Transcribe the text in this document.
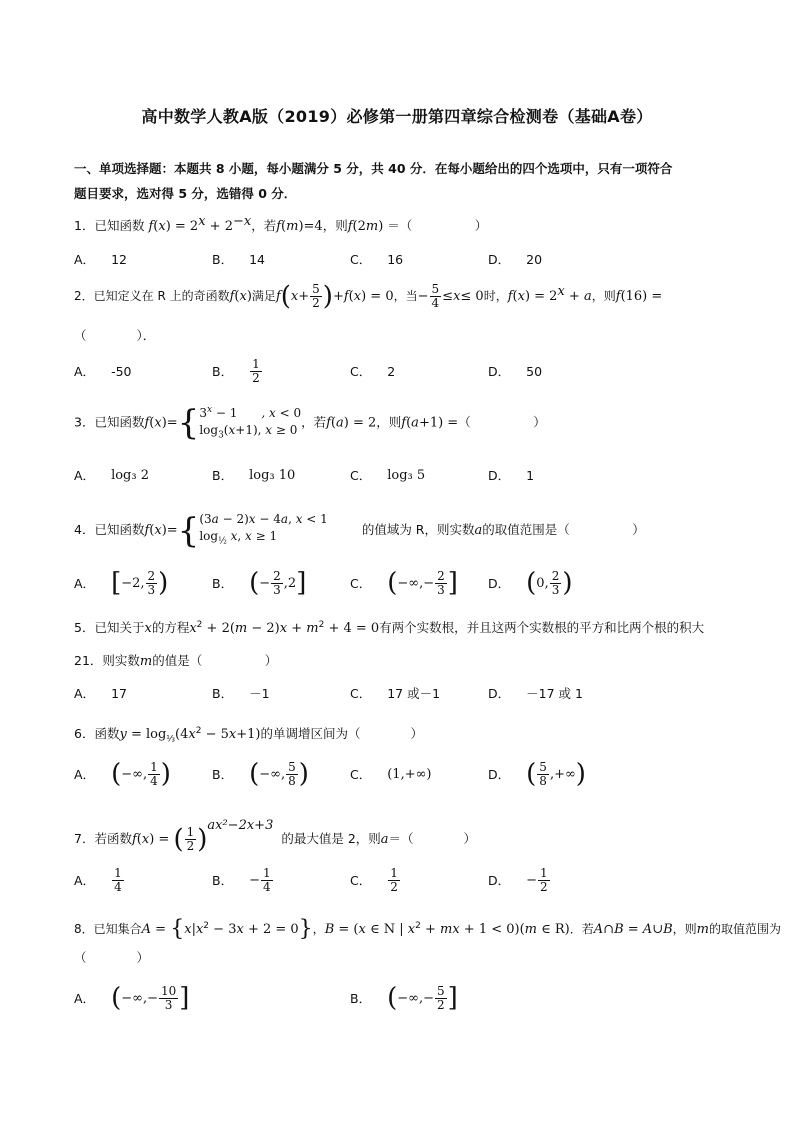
高中数学人教A版（2019）必修第一册第四章综合检测卷（基础A卷）
一、单项选择题：本题共 8 小题，每小题满分 5 分，共 40 分．在每小题给出的四个选项中，只有一项符合
题目要求，选对得 5 分，选错得 0 分．
1．已知函数 $f(x) = 2^x + 2^{-x}$，若f(m)=4，则f(2m) ＝（　　　　　）
A． 12	B． 14	C． 16	D． 20
2．已知定义在 R 上的奇函数f(x)满足$f(x+ \frac{5}{2} )+f(x) = 0$，当− $\frac{5}{4} \le x\le 0$时，$f(x) = 2^x + a$，则f(16) =
（　　　　）．
A． -50	B． $\frac{1}{2}$	C． 2	D． 50
3．已知函数f(x)={ $3^x - 1$　　, x < 0
$\log_3(x+1)$, x ≥ 0
，若f(a) = 2，则f(a+1) =（　　　　　）
A． log₃ 2	B． log₃ 10	C． log₃ 5	D． 1
4．已知函数f(x)={ (3a − 2)x − 4a, x < 1
$\log_{\frac{1}{2}} x$, x ≥ 1	的值域为 R，则实数a的取值范围是（　　　　　）
A． [ −2, $\frac{2}{3}$ )	B． ( − $\frac{2}{3} ,2$ ]	C． ( −∞,− $\frac{2}{3}$ ] D． ( 0, $\frac{2}{3}$ )
5．已知关于x的方程$x^2 + 2(m - 2)x + m^2 + 4 = 0$有两个实数根，并且这两个实数根的平方和比两个根的积大
21．则实数m的值是（　　　　　）
A． 17	B． －1	C． 17 或－1	D． －17 或 1
6．函数$y = \log_{\frac{1}{3}}(4x^2 - 5x+1)$的单调增区间为（　　　　）
A． ( −∞, $\frac{1}{4}$ )	B． ( −∞, $\frac{5}{8}$ )	C． (1,+∞)	D． ( $\frac{5}{8}$ ,+∞ )
7．若函数f(x) = ( $\frac{1}{2} )^{ax^2-2x+3}$的最大值是 2，则a＝（　　　　）
A． $\frac{1}{4}$	B． − $\frac{1}{4}$	C． $\frac{1}{2}$	D． − $\frac{1}{2}$
8．已知集合$A = \{x|x^2 - 3x + 2 = 0\}$，B = (x ∈ N | $x^2$ + mx + 1 < 0)(m ∈ R)．若A∩B = A∪B，则m的取值范围为
（　　　　）
A． ( −∞,− $\frac{10}{3}$ ]	B． ( −∞,− $\frac{5}{2}$ ]
